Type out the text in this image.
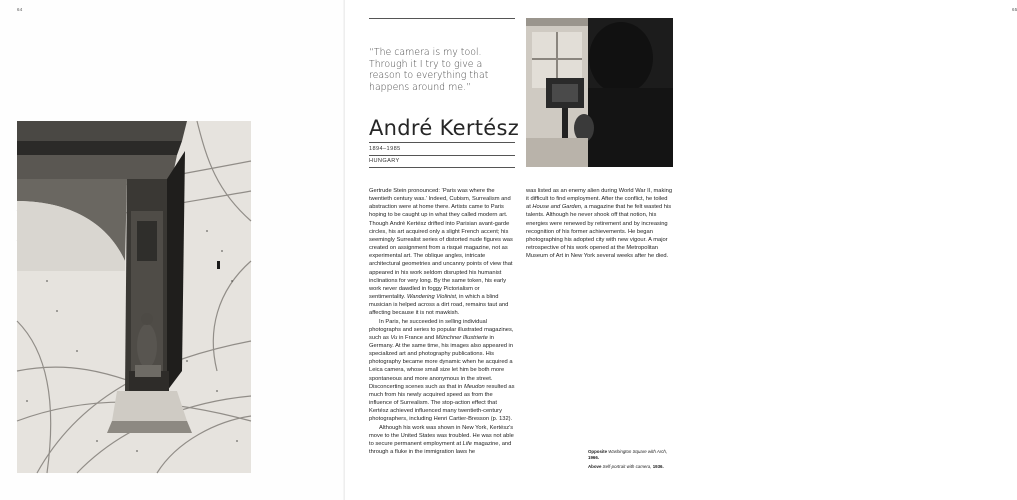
64	65
“The camera is my tool. Through it I try to give a reason to everything that happens around me.”
André Kertész
1894–1985
HUNGARY

Gertrude Stein pronounced: ‘Paris was where the twentieth century was.’ Indeed, Cubism, Surrealism and abstraction were at home there. Artists came to Paris hoping to be caught up in what they called modern art. Though André Kertész drifted into Parisian avant-garde circles, his art acquired only a slight French accent; his seemingly Surrealist series of distorted nude figures was created on assignment from a risqué magazine, not as experimental art. The oblique angles, intricate architectural geometries and uncanny points of view that appeared in his work seldom disrupted his humanist inclinations for very long. By the same token, his early work never dawdled in foggy Pictorialism or sentimentality. Wandering Violinist, in which a blind musician is helped across a dirt road, remains taut and affecting because it is not mawkish.

In Paris, he succeeded in selling individual photographs and series to popular illustrated magazines, such as Vu in France and Münchner Illustrierte in Germany. At the same time, his images also appeared in specialized art and photography publications. His photography became more dynamic when he acquired a Leica camera, whose small size let him be both more spontaneous and more anonymous in the street. Disconcerting scenes such as that in Meudon resulted as much from his newly acquired speed as from the influence of Surrealism. The stop-action effect that Kertész achieved influenced many twentieth-century photographers, including Henri Cartier-Bresson (p. 132).

Although his work was shown in New York, Kertész’s move to the United States was troubled. He was not able to secure permanent employment at Life magazine, and through a fluke in the immigration laws he

was listed as an enemy alien during World War II, making it difficult to find employment. After the conflict, he toiled at House and Garden, a magazine that he felt wasted his talents. Although he never shook off that notion, his energies were renewed by retirement and by increasing recognition of his former achievements. He began photographing his adopted city with new vigour. A major retrospective of his work opened at the Metropolitan Museum of Art in New York several weeks after he died.

Opposite Washington Square with Arch, 1966.

Above Self-portrait with camera, 1936.
